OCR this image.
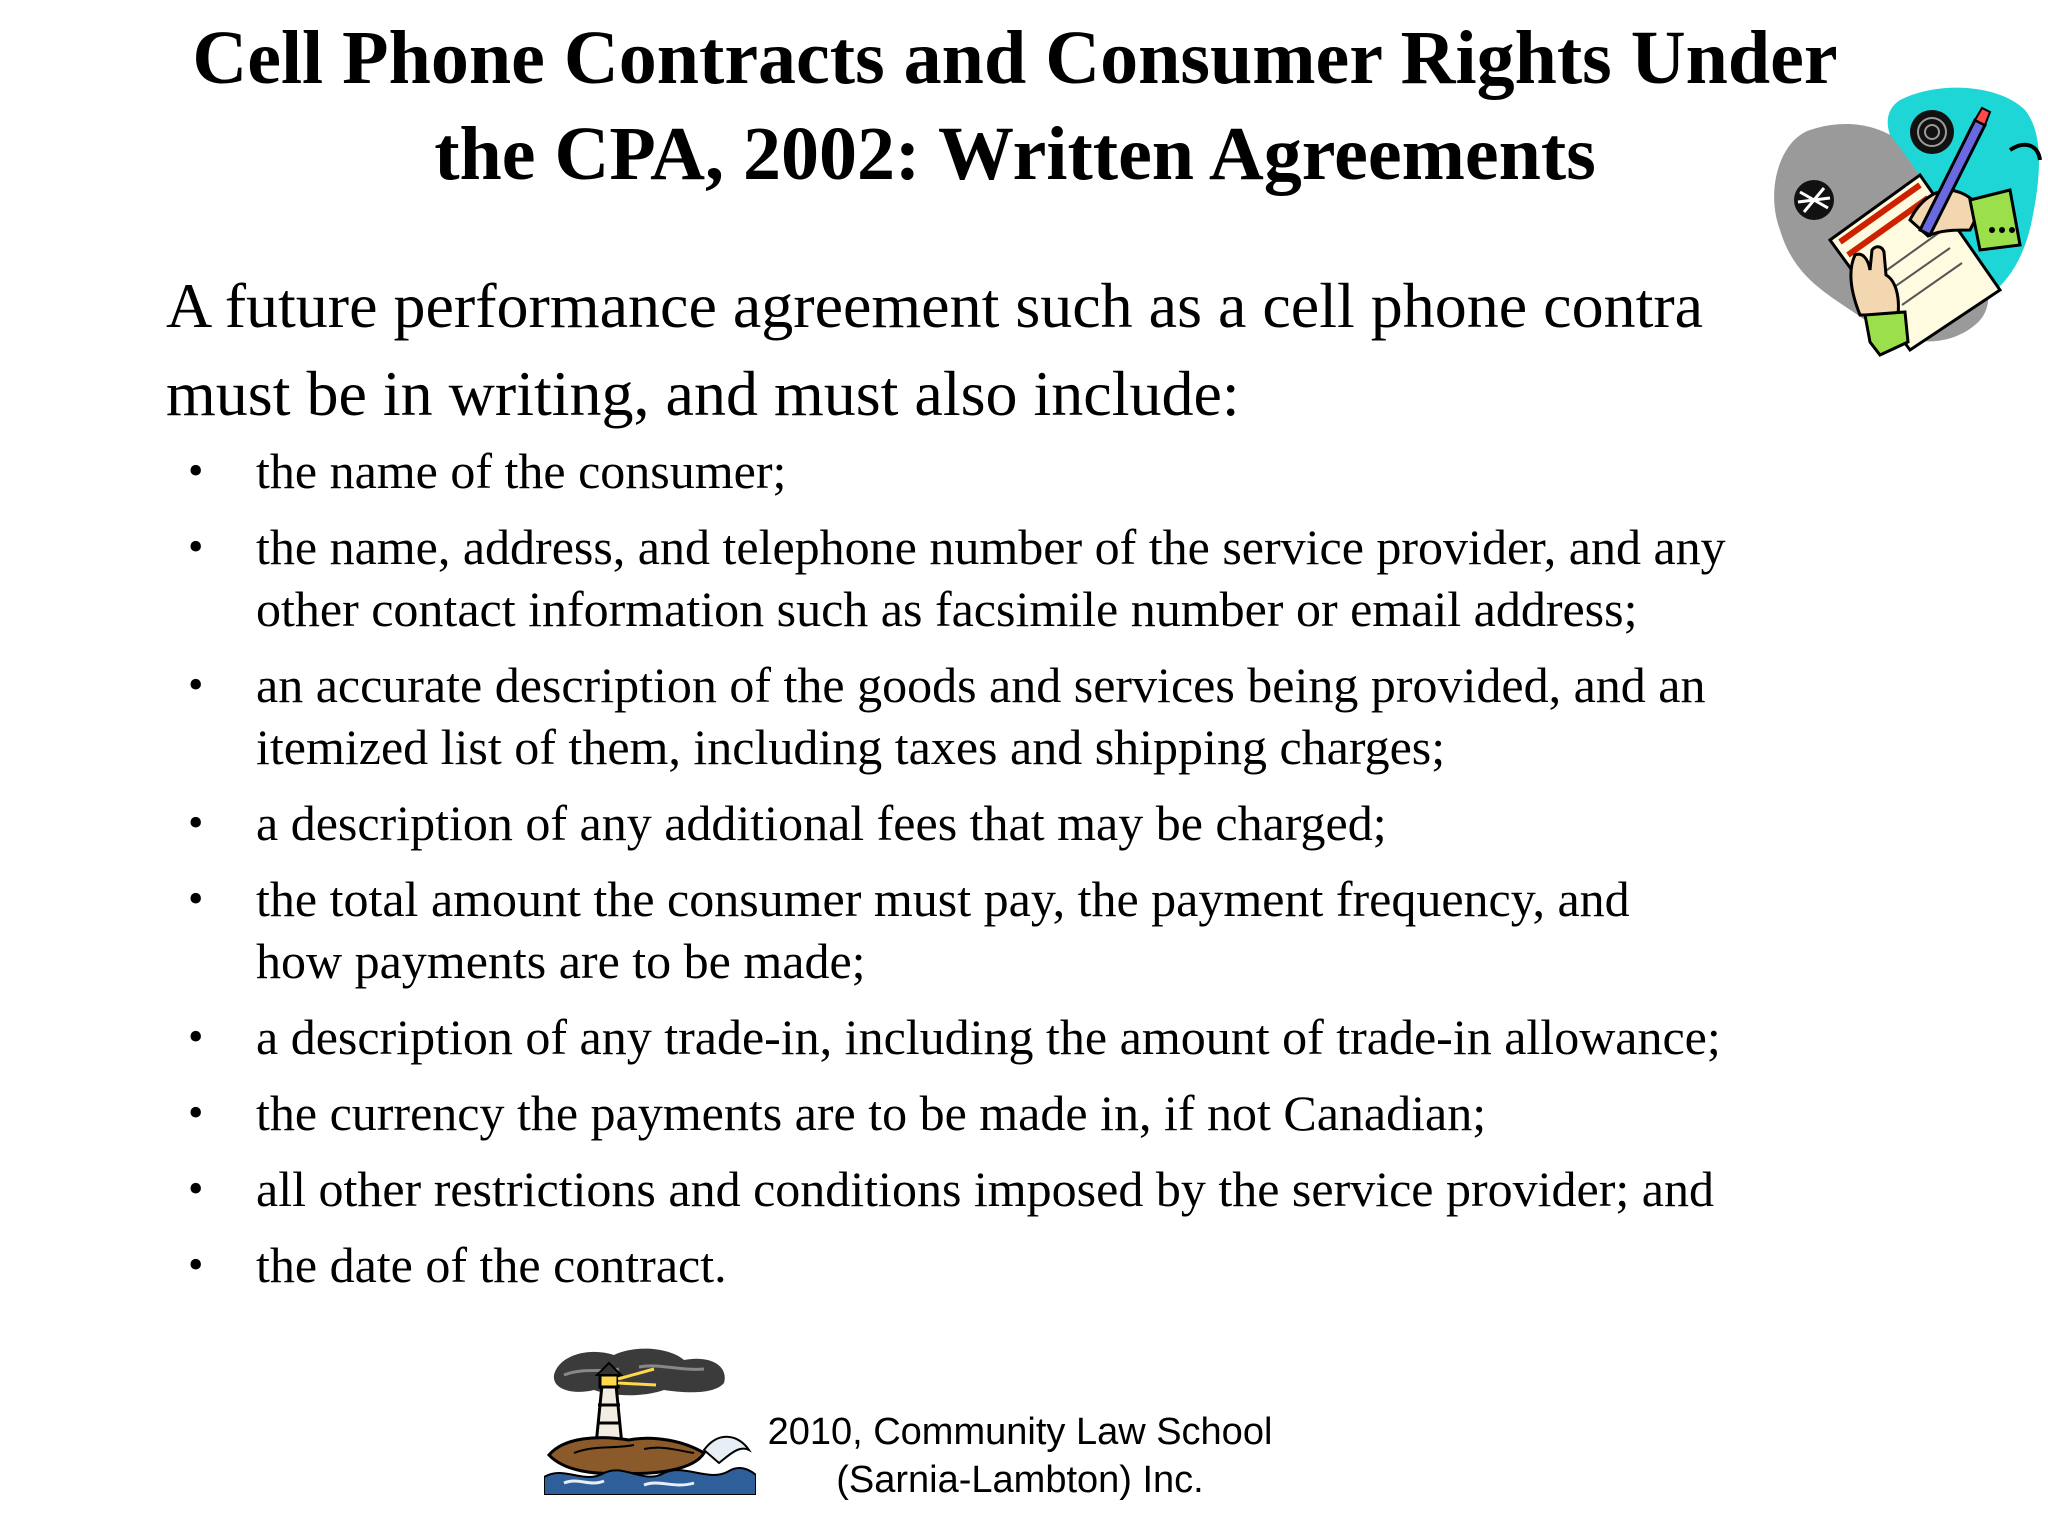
Cell Phone Contracts and Consumer Rights Under
the CPA, 2002: Written Agreements

A future performance agreement such as a cell phone contra
must be in writing, and must also include:

• the name of the consumer;
• the name, address, and telephone number of the service provider, and any
other contact information such as facsimile number or email address;
• an accurate description of the goods and services being provided, and an
itemized list of them, including taxes and shipping charges;
• a description of any additional fees that may be charged;
• the total amount the consumer must pay, the payment frequency, and
how payments are to be made;
• a description of any trade-in, including the amount of trade-in allowance;
• the currency the payments are to be made in, if not Canadian;
• all other restrictions and conditions imposed by the service provider; and
• the date of the contract.
2010, Community Law School
(Sarnia-Lambton) Inc.
